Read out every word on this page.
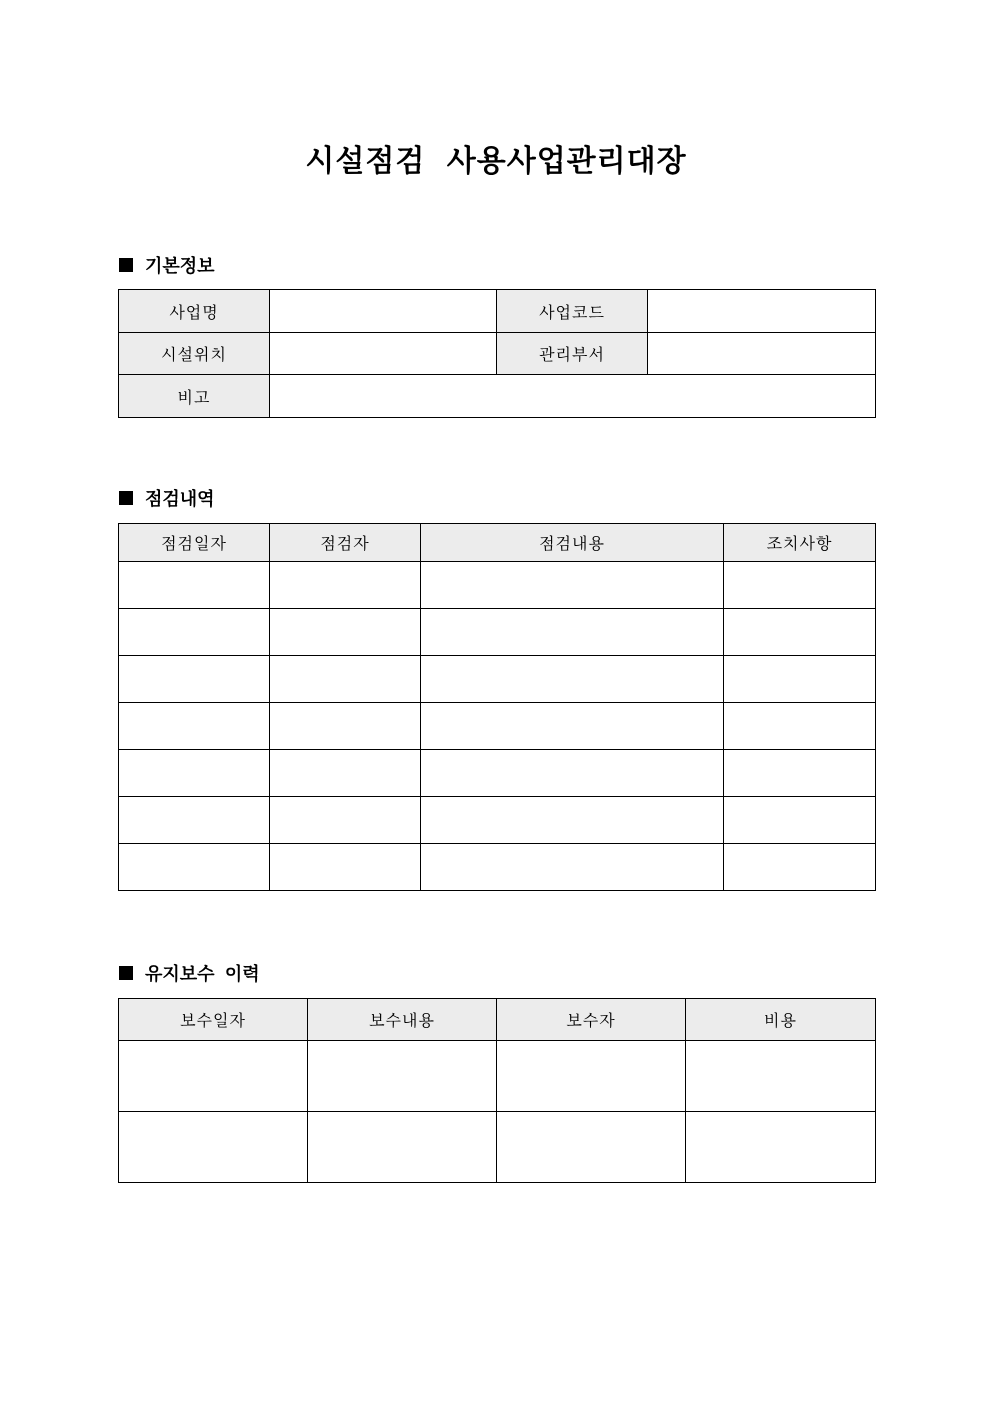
시설점검 사용사업관리대장
기본정보
사업명		사업코드	
시설위치		관리부서	
비고			
점검내역
점검일자	점검자	점검내용	조치사항

유지보수 이력
보수일자	보수내용	보수자	비용
